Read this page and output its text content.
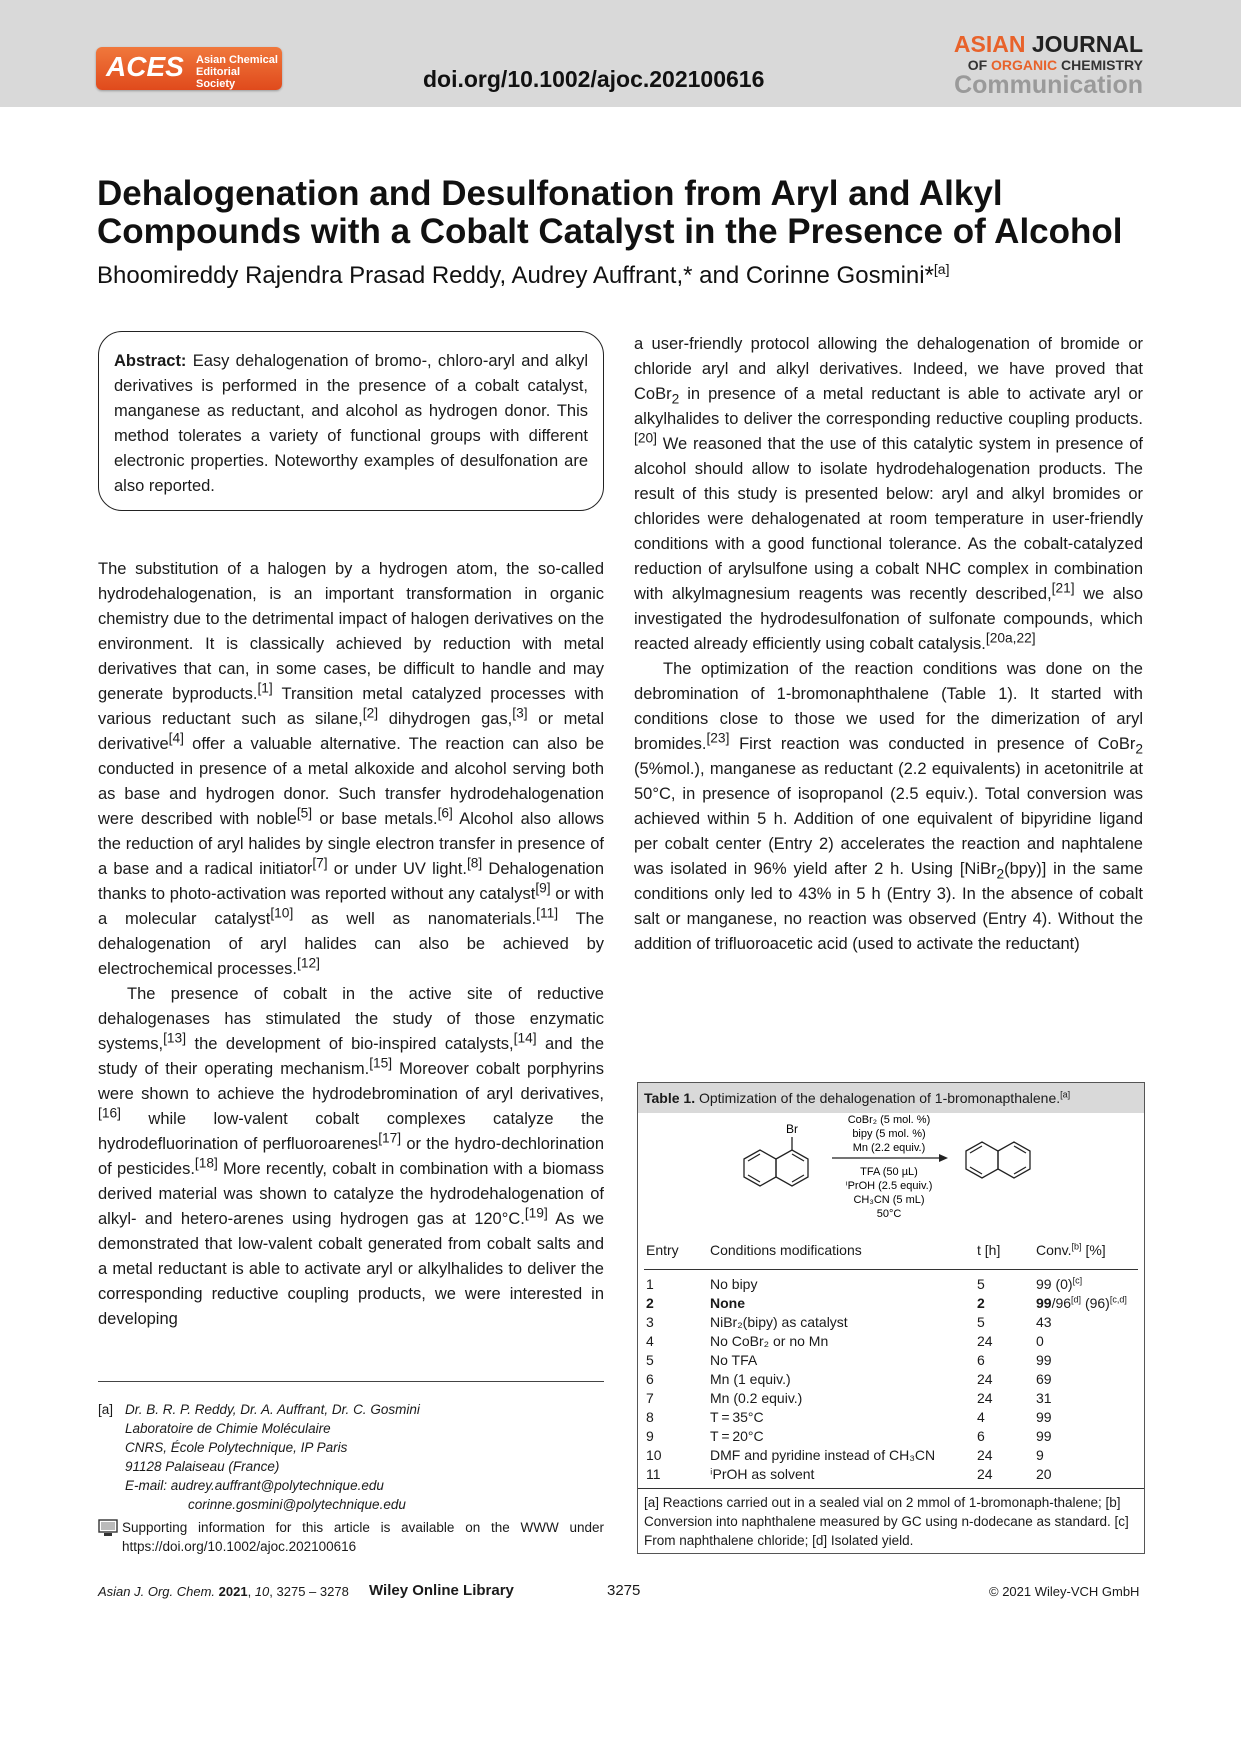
ACES Asian Chemical
Editorial Society	doi.org/10.1002/ajoc.202100616
ASIAN JOURNAL
OF ORGANIC CHEMISTRY
Communication
Dehalogenation and Desulfonation from Aryl and Alkyl
Compounds with a Cobalt Catalyst in the Presence of Alcohol
Bhoomireddy Rajendra Prasad Reddy, Audrey Auffrant,* and Corinne Gosmini*[a]

Abstract: Easy dehalogenation of bromo-, chloro-aryl and alkyl derivatives is performed in the presence of a cobalt catalyst, manganese as reductant, and alcohol as hydrogen donor. This method tolerates a variety of functional groups with different electronic properties. Noteworthy examples of desulfonation are also reported.

The substitution of a halogen by a hydrogen atom, the so-called hydrodehalogenation, is an important transformation in organic chemistry due to the detrimental impact of halogen derivatives on the environment. It is classically achieved by reduction with metal derivatives that can, in some cases, be difficult to handle and may generate byproducts.[1] Transition metal catalyzed processes with various reductant such as silane,[2] dihydrogen gas,[3] or metal derivative[4] offer a valuable alternative. The reaction can also be conducted in presence of a metal alkoxide and alcohol serving both as base and hydrogen donor. Such transfer hydrodehalogenation were described with noble[5] or base metals.[6] Alcohol also allows the reduction of aryl halides by single electron transfer in presence of a base and a radical initiator[7] or under UV light.[8] Dehalogenation thanks to photo-activation was reported without any catalyst[9] or with a molecular catalyst[10] as well as nanomaterials.[11] The dehalogenation of aryl halides can also be achieved by electrochemical processes.[12]

The presence of cobalt in the active site of reductive dehalogenases has stimulated the study of those enzymatic systems,[13] the development of bio-inspired catalysts,[14] and the study of their operating mechanism.[15] Moreover cobalt porphyrins were shown to achieve the hydrodebromination of aryl derivatives,[16] while low-valent cobalt complexes catalyze the hydrodefluorination of perfluoroarenes[17] or the hydro-dechlorination of pesticides.[18] More recently, cobalt in combination with a biomass derived material was shown to catalyze the hydrodehalogenation of alkyl- and hetero-arenes using hydrogen gas at 120°C.[19] As we demonstrated that low-valent cobalt generated from cobalt salts and a metal reductant is able to activate aryl or alkylhalides to deliver the corresponding reductive coupling products, we were interested in developing

a user-friendly protocol allowing the dehalogenation of bromide or chloride aryl and alkyl derivatives. Indeed, we have proved that CoBr$_2$ in presence of a metal reductant is able to activate aryl or alkylhalides to deliver the corresponding reductive coupling products.[20] We reasoned that the use of this catalytic system in presence of alcohol should allow to isolate hydrodehalogenation products. The result of this study is presented below: aryl and alkyl bromides or chlorides were dehalogenated at room temperature in user-friendly conditions with a good functional tolerance. As the cobalt-catalyzed reduction of arylsulfone using a cobalt NHC complex in combination with alkylmagnesium reagents was recently described,[21] we also investigated the hydrodesulfonation of sulfonate compounds, which reacted already efficiently using cobalt catalysis.[20a,22]

The optimization of the reaction conditions was done on the debromination of 1-bromonaphthalene (Table 1). It started with conditions close to those we used for the dimerization of aryl bromides.[23] First reaction was conducted in presence of CoBr$_2$ (5%mol.), manganese as reductant (2.2 equivalents) in acetonitrile at 50°C, in presence of isopropanol (2.5 equiv.). Total conversion was achieved within 5 h. Addition of one equivalent of bipyridine ligand per cobalt center (Entry 2) accelerates the reaction and naphtalene was isolated in 96% yield after 2 h. Using [NiBr$_2$(bpy)] in the same conditions only led to 43% in 5 h (Entry 3). In the absence of cobalt salt or manganese, no reaction was observed (Entry 4). Without the addition of trifluoroacetic acid (used to activate the reductant)

[a] Dr. B. R. P. Reddy, Dr. A. Auffrant, Dr. C. Gosmini
Laboratoire de Chimie Moléculaire
CNRS, École Polytechnique, IP Paris
91128 Palaiseau (France)
E-mail: audrey.auffrant@polytechnique.edu
corinne.gosmini@polytechnique.edu
Supporting information for this article is available on the WWW under https://doi.org/10.1002/ajoc.202100616
Table 1. Optimization of the dehalogenation of 1-bromonapthalene.[a]
Br
CoBr₂ (5 mol. %)
bipy (5 mol. %)
Mn (2.2 equiv.)
TFA (50 µL)
ⁱPrOH (2.5 equiv.)
CH₃CN (5 mL)
50°C
Entry Conditions modifications	t [h]	Conv.[b] [%]
1	No bipy	5	99 (0)[c]
2	None	2	99/96[d] (96)[c,d]
3	NiBr₂(bipy) as catalyst	5	43
4	No CoBr₂ or no Mn	24	0
5	No TFA	6	99
6	Mn (1 equiv.)	24	69
7	Mn (0.2 equiv.)	24	31
8	T = 35°C	4	99
9	T = 20°C	6	99
10	DMF and pyridine instead of CH₃CN	24	9
11	ⁱPrOH as solvent	24	20
[a] Reactions carried out in a sealed vial on 2 mmol of 1-bromonaph-thalene; [b] Conversion into naphthalene measured by GC using n-dodecane as standard. [c] From naphthalene chloride; [d] Isolated yield.
Asian J. Org. Chem. 2021, 10, 3275 – 3278 Wiley Online Library	3275	© 2021 Wiley-VCH GmbH
